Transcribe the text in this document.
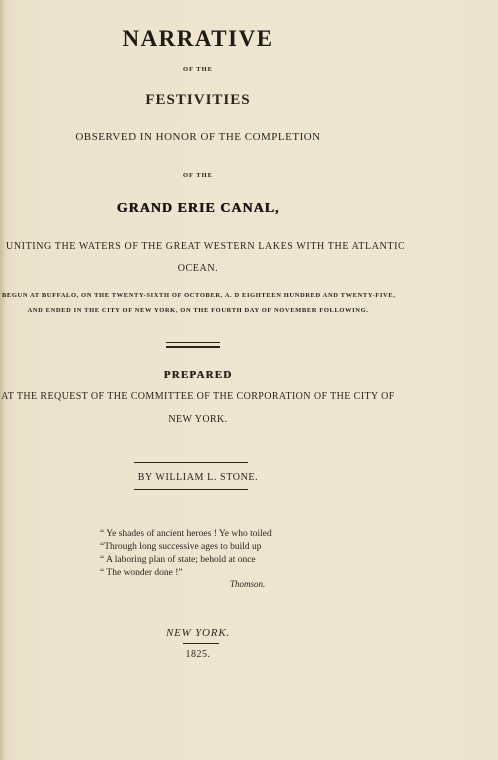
NARRATIVE
OF THE
FESTIVITIES
OBSERVED IN HONOR OF THE COMPLETION
OF THE
GRAND ERIE CANAL,
UNITING THE WATERS OF THE GREAT WESTERN LAKES WITH THE ATLANTIC
OCEAN.
BEGUN AT BUFFALO, ON THE TWENTY-SIXTH OF OCTOBER, A. D EIGHTEEN HUNDRED AND TWENTY-FIVE,
AND ENDED IN THE CITY OF NEW YORK, ON THE FOURTH DAY OF NOVEMBER FOLLOWING.
PREPARED
AT THE REQUEST OF THE COMMITTEE OF THE CORPORATION OF THE CITY OF
NEW YORK.
BY WILLIAM L. STONE.
“ Ye shades of ancient heroes ! Ye who toiled
“Through long successive ages to build up
“ A laboring plan of state; behold at once
“ The wonder done !”
Thomson.
NEW YORK.
1825.
